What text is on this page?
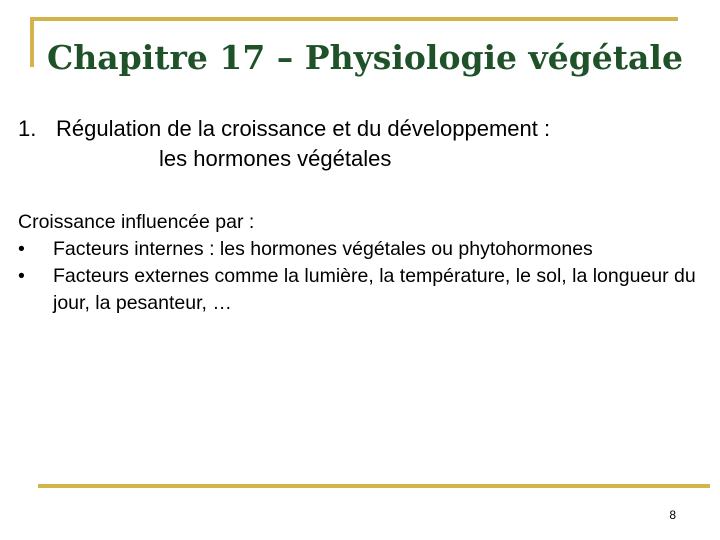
Chapitre 17 – Physiologie végétale

1. Régulation de la croissance et du développement :
les hormones végétales

Croissance influencée par :
• Facteurs internes : les hormones végétales ou phytohormones
• Facteurs externes comme la lumière, la température, le sol, la longueur du jour, la pesanteur, …
8
